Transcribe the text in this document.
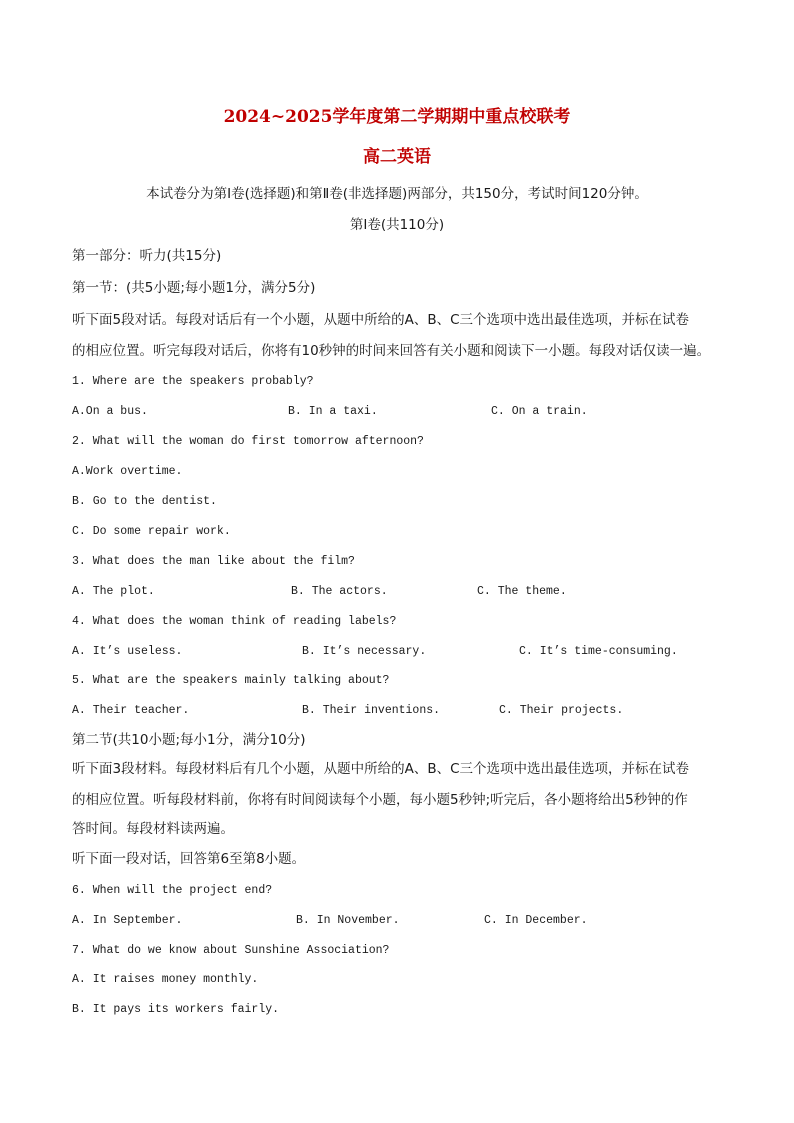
2024~2025学年度第二学期期中重点校联考
高二英语
本试卷分为第Ⅰ卷(选择题)和第Ⅱ卷(非选择题)两部分，共150分，考试时间120分钟。
第Ⅰ卷(共110分)
第一部分：听力(共15分)
第一节：(共5小题;每小题1分，满分5分)
听下面5段对话。每段对话后有一个小题，从题中所给的A、B、C三个选项中选出最佳选项，并标在试卷
的相应位置。听完每段对话后，你将有10秒钟的时间来回答有关小题和阅读下一小题。每段对话仅读一遍。
1. Where are the speakers probably?
A.On a bus.	B. In a taxi.	C. On a train.
2. What will the woman do first tomorrow afternoon?
A.Work overtime.
B. Go to the dentist.
C. Do some repair work.
3. What does the man like about the film?
A. The plot.	B. The actors.	C. The theme.
4. What does the woman think of reading labels?
A. It’s useless.	B. It’s necessary.	C. It’s time-consuming.
5. What are the speakers mainly talking about?
A. Their teacher.	B. Their inventions.	C. Their projects.
第二节(共10小题;每小1分，满分10分)
听下面3段材料。每段材料后有几个小题，从题中所给的A、B、C三个选项中选出最佳选项，并标在试卷
的相应位置。听每段材料前，你将有时间阅读每个小题，每小题5秒钟;听完后，各小题将给出5秒钟的作
答时间。每段材料读两遍。
听下面一段对话，回答第6至第8小题。
6. When will the project end?
A. In September.	B. In November.	C. In December.
7. What do we know about Sunshine Association?
A. It raises money monthly.
B. It pays its workers fairly.
